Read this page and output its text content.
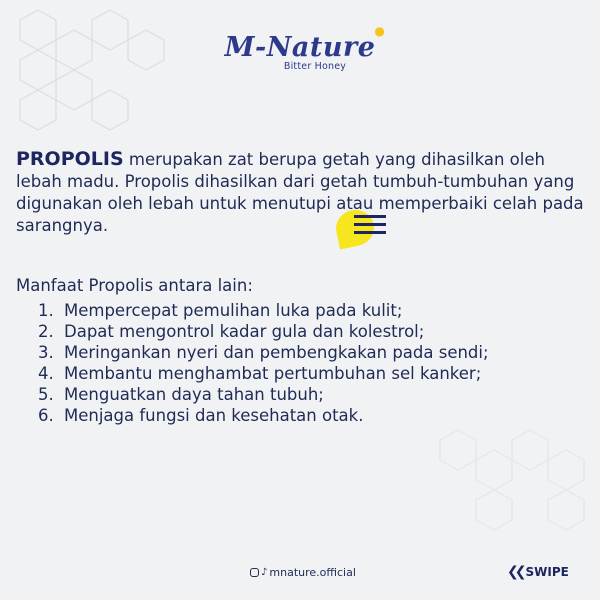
M-Nature
●
Bitter Honey

PROPOLIS merupakan zat berupa getah yang dihasilkan oleh lebah madu. Propolis dihasilkan dari getah tumbuh-tumbuhan yang digunakan oleh lebah untuk menutupi atau memperbaiki celah pada sarangnya.

Manfaat Propolis antara lain:

1. Mempercepat pemulihan luka pada kulit;
2. Dapat mengontrol kadar gula dan kolestrol;
3. Meringankan nyeri dan pembengkakan pada sendi;
4. Membantu menghambat pertumbuhan sel kanker;
5. Menguatkan daya tahan tubuh;
6. Menjaga fungsi dan kesehatan otak.
♪ mnature.official	❮❮ SWIPE
